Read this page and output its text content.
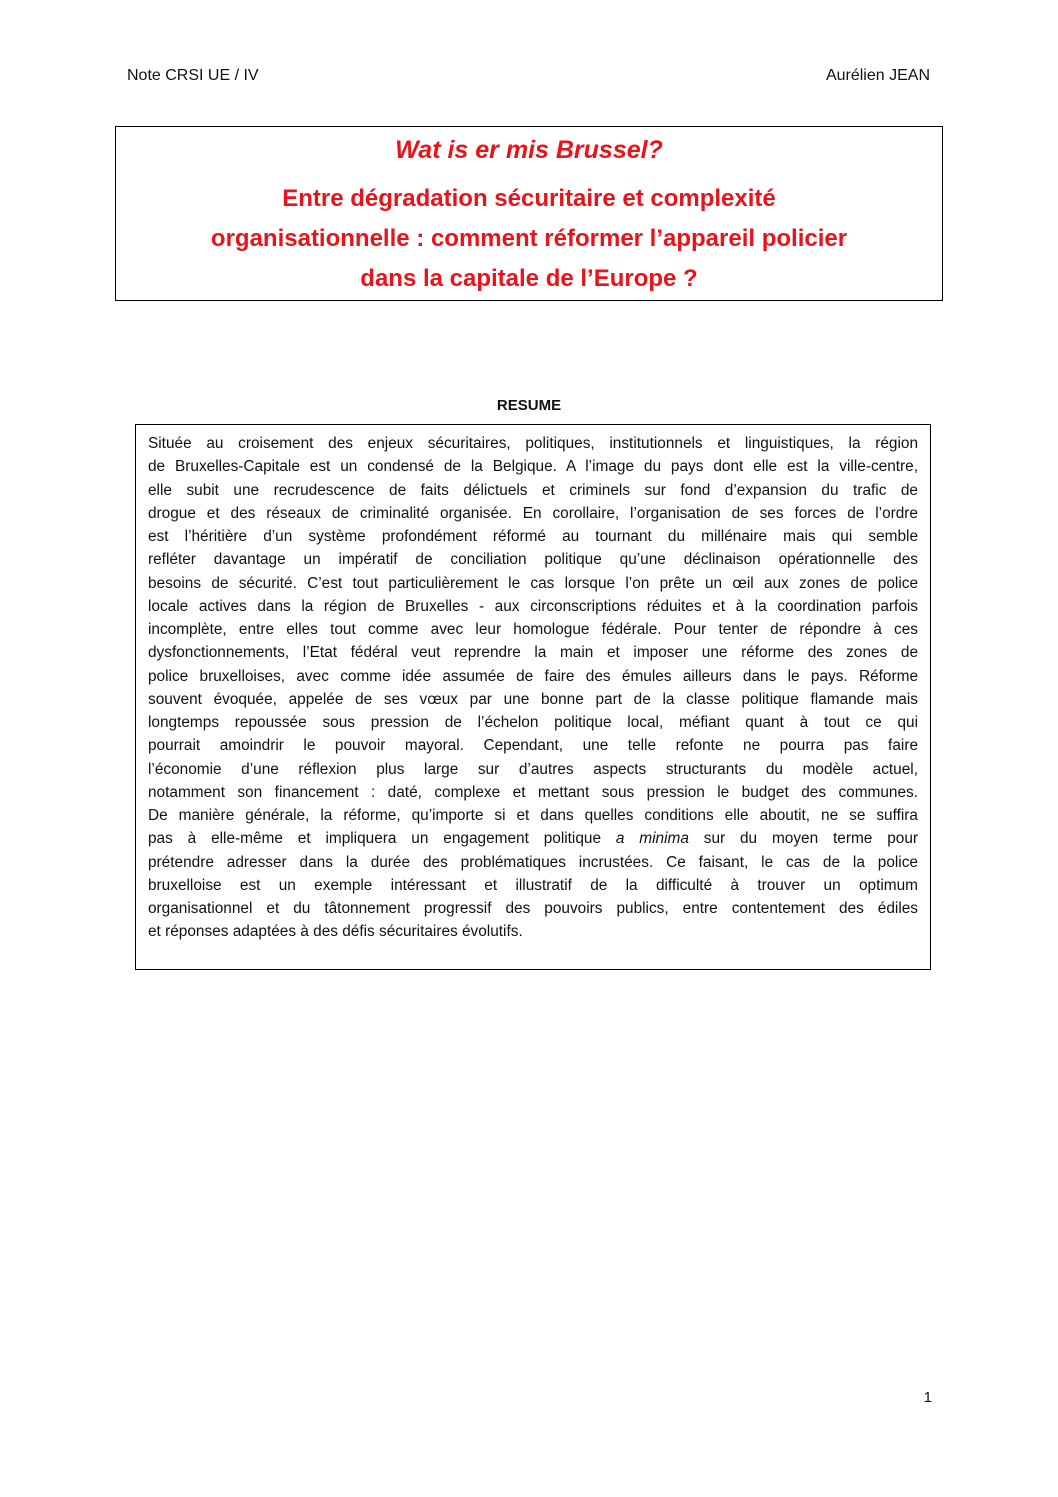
Note CRSI UE / IV	Aurélien JEAN
Wat is er mis Brussel?
Entre dégradation sécuritaire et complexité
organisationnelle : comment réformer l’appareil policier
dans la capitale de l’Europe ?
RESUME
Située au croisement des enjeux sécuritaires, politiques, institutionnels et linguistiques, la région
de Bruxelles-Capitale est un condensé de la Belgique. A l’image du pays dont elle est la ville-centre,
elle subit une recrudescence de faits délictuels et criminels sur fond d’expansion du trafic de
drogue et des réseaux de criminalité organisée. En corollaire, l’organisation de ses forces de l’ordre
est l’héritière d’un système profondément réformé au tournant du millénaire mais qui semble
refléter davantage un impératif de conciliation politique qu’une déclinaison opérationnelle des
besoins de sécurité. C’est tout particulièrement le cas lorsque l’on prête un œil aux zones de police
locale actives dans la région de Bruxelles - aux circonscriptions réduites et à la coordination parfois
incomplète, entre elles tout comme avec leur homologue fédérale. Pour tenter de répondre à ces
dysfonctionnements, l’Etat fédéral veut reprendre la main et imposer une réforme des zones de
police bruxelloises, avec comme idée assumée de faire des émules ailleurs dans le pays. Réforme
souvent évoquée, appelée de ses vœux par une bonne part de la classe politique flamande mais
longtemps repoussée sous pression de l’échelon politique local, méfiant quant à tout ce qui
pourrait amoindrir le pouvoir mayoral. Cependant, une telle refonte ne pourra pas faire
l’économie d’une réflexion plus large sur d’autres aspects structurants du modèle actuel,
notamment son financement : daté, complexe et mettant sous pression le budget des communes.
De manière générale, la réforme, qu’importe si et dans quelles conditions elle aboutit, ne se suffira
pas à elle-même et impliquera un engagement politique a minima sur du moyen terme pour
prétendre adresser dans la durée des problématiques incrustées. Ce faisant, le cas de la police
bruxelloise est un exemple intéressant et illustratif de la difficulté à trouver un optimum
organisationnel et du tâtonnement progressif des pouvoirs publics, entre contentement des édiles
et réponses adaptées à des défis sécuritaires évolutifs.
1
